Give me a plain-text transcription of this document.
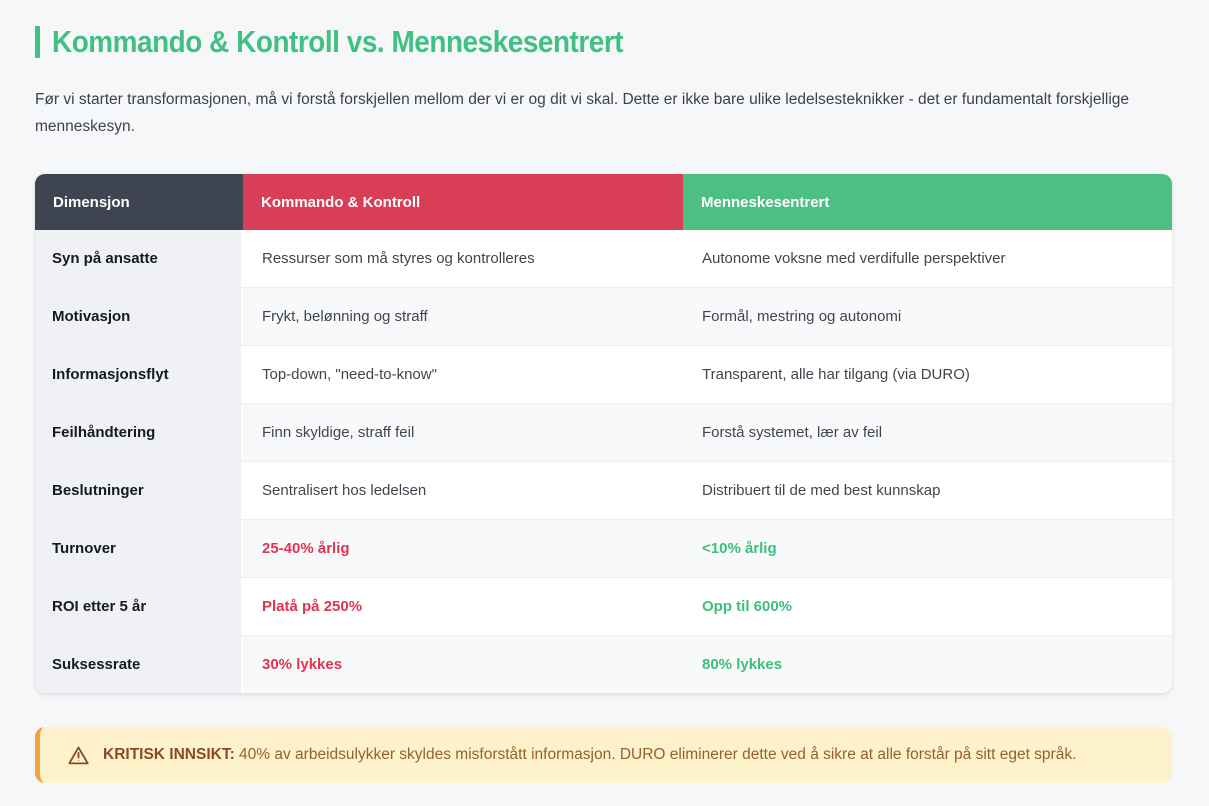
Kommando & Kontroll vs. Menneskesentrert

Før vi starter transformasjonen, må vi forstå forskjellen mellom der vi er og dit vi skal. Dette er ikke bare ulike ledelsesteknikker - det er fundamentalt forskjellige menneskesyn.

Dimensjon	Kommando & Kontroll	Menneskesentrert
Syn på ansatte	Ressurser som må styres og kontrolleres	Autonome voksne med verdifulle perspektiver
Motivasjon	Frykt, belønning og straff	Formål, mestring og autonomi
Informasjonsflyt	Top-down, "need-to-know"	Transparent, alle har tilgang (via DURO)
Feilhåndtering	Finn skyldige, straff feil	Forstå systemet, lær av feil
Beslutninger	Sentralisert hos ledelsen	Distribuert til de med best kunnskap
Turnover	25-40% årlig	<10% årlig
ROI etter 5 år	Platå på 250%	Opp til 600%
Suksessrate	30% lykkes	80% lykkes
KRITISK INNSIKT: 40% av arbeidsulykker skyldes misforstått informasjon. DURO eliminerer dette ved å sikre at alle forstår på sitt eget språk.
